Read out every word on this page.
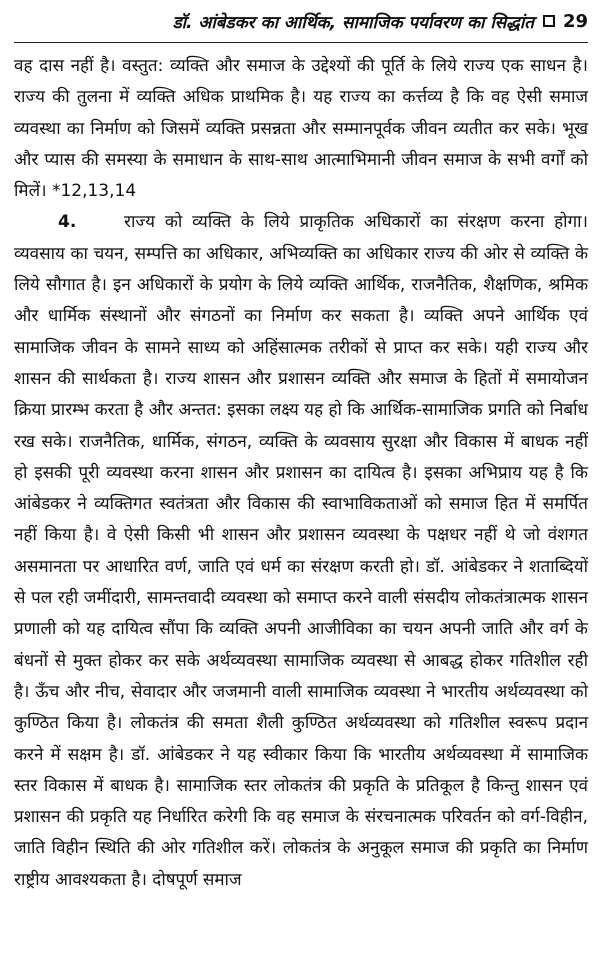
डॉ. आंबेडकर का आर्थिक, सामाजिक पर्यावरण का सिद्धांत 29

वह दास नहीं है। वस्तुत: व्यक्ति और समाज के उद्देश्यों की पूर्ति के लिये राज्य एक साधन है। राज्य की तुलना में व्यक्ति अधिक प्राथमिक है। यह राज्य का कर्त्तव्य है कि वह ऐसी समाज व्यवस्था का निर्माण को जिसमें व्यक्ति प्रसन्नता और सम्मानपूर्वक जीवन व्यतीत कर सके। भूख और प्यास की समस्या के समाधान के साथ-साथ आत्माभिमानी जीवन समाज के सभी वर्गों को मिलें। *12,13,14

4.	राज्य को व्यक्ति के लिये प्राकृतिक अधिकारों का संरक्षण करना होगा। व्यवसाय का चयन, सम्पत्ति का अधिकार, अभिव्यक्ति का अधिकार राज्य की ओर से व्यक्ति के लिये सौगात है। इन अधिकारों के प्रयोग के लिये व्यक्ति आर्थिक, राजनैतिक, शैक्षणिक, श्रमिक और धार्मिक संस्थानों और संगठनों का निर्माण कर सकता है। व्यक्ति अपने आर्थिक एवं सामाजिक जीवन के सामने साध्य को अहिंसात्मक तरीकों से प्राप्त कर सके। यही राज्य और शासन की सार्थकता है। राज्य शासन और प्रशासन व्यक्ति और समाज के हितों में समायोजन क्रिया प्रारम्भ करता है और अन्तत: इसका लक्ष्य यह हो कि आर्थिक-सामाजिक प्रगति को निर्बाध रख सके। राजनैतिक, धार्मिक, संगठन, व्यक्ति के व्यवसाय सुरक्षा और विकास में बाधक नहीं हो इसकी पूरी व्यवस्था करना शासन और प्रशासन का दायित्व है। इसका अभिप्राय यह है कि आंबेडकर ने व्यक्तिगत स्वतंत्रता और विकास की स्वाभाविकताओं को समाज हित में समर्पित नहीं किया है। वे ऐसी किसी भी शासन और प्रशासन व्यवस्था के पक्षधर नहीं थे जो वंशगत असमानता पर आधारित वर्ण, जाति एवं धर्म का संरक्षण करती हो। डॉ. आंबेडकर ने शताब्दियों से पल रही जमींदारी, सामन्तवादी व्यवस्था को समाप्त करने वाली संसदीय लोकतंत्रात्मक शासन प्रणाली को यह दायित्व सौंपा कि व्यक्ति अपनी आजीविका का चयन अपनी जाति और वर्ग के बंधनों से मुक्त होकर कर सके अर्थव्यवस्था सामाजिक व्यवस्था से आबद्ध होकर गतिशील रही है। ऊँच और नीच, सेवादार और जजमानी वाली सामाजिक व्यवस्था ने भारतीय अर्थव्यवस्था को कुण्ठित किया है। लोकतंत्र की समता शैली कुण्ठित अर्थव्यवस्था को गतिशील स्वरूप प्रदान करने में सक्षम है। डॉ. आंबेडकर ने यह स्वीकार किया कि भारतीय अर्थव्यवस्था में सामाजिक स्तर विकास में बाधक है। सामाजिक स्तर लोकतंत्र की प्रकृति के प्रतिकूल है किन्तु शासन एवं प्रशासन की प्रकृति यह निर्धारित करेगी कि वह समाज के संरचनात्मक परिवर्तन को वर्ग-विहीन, जाति विहीन स्थिति की ओर गतिशील करें। लोकतंत्र के अनुकूल समाज की प्रकृति का निर्माण राष्ट्रीय आवश्यकता है। दोषपूर्ण समाज
